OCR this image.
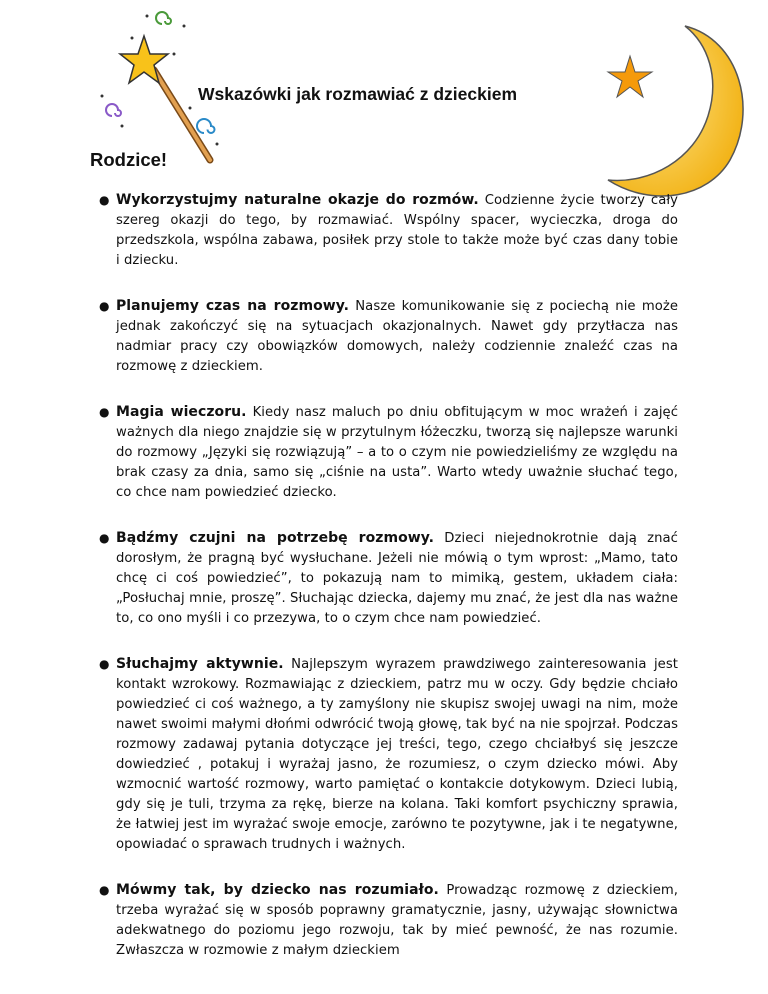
Wskazówki jak rozmawiać z dzieckiem
Rodzice!
● Wykorzystujmy naturalne okazje do rozmów. Codzienne życie tworzy cały szereg okazji do tego, by rozmawiać. Wspólny spacer, wycieczka, droga do przedszkola, wspólna zabawa, posiłek przy stole to także może być czas dany tobie i dziecku.

● Planujemy czas na rozmowy. Nasze komunikowanie się z pociechą nie może jednak zakończyć się na sytuacjach okazjonalnych. Nawet gdy przytłacza nas nadmiar pracy czy obowiązków domowych, należy codziennie znaleźć czas na rozmowę z dzieckiem.

● Magia wieczoru. Kiedy nasz maluch po dniu obfitującym w moc wrażeń i zajęć ważnych dla niego znajdzie się w przytulnym łóżeczku, tworzą się najlepsze warunki do rozmowy „Języki się rozwiązują” – a to o czym nie powiedzieliśmy ze względu na brak czasy za dnia, samo się „ciśnie na usta”. Warto wtedy uważnie słuchać tego, co chce nam powiedzieć dziecko.

● Bądźmy czujni na potrzebę rozmowy. Dzieci niejednokrotnie dają znać dorosłym, że pragną być wysłuchane. Jeżeli nie mówią o tym wprost: „Mamo, tato chcę ci coś powiedzieć”, to pokazują nam to mimiką, gestem, układem ciała: „Posłuchaj mnie, proszę”. Słuchając dziecka, dajemy mu znać, że jest dla nas ważne to, co ono myśli i co przezywa, to o czym chce nam powiedzieć.

● Słuchajmy aktywnie. Najlepszym wyrazem prawdziwego zainteresowania jest kontakt wzrokowy. Rozmawiając z dzieckiem, patrz mu w oczy. Gdy będzie chciało powiedzieć ci coś ważnego, a ty zamyślony nie skupisz swojej uwagi na nim, może nawet swoimi małymi dłońmi odwrócić twoją głowę, tak być na nie spojrzał. Podczas rozmowy zadawaj pytania dotyczące jej treści, tego, czego chciałbyś się jeszcze dowiedzieć , potakuj i wyrażaj jasno, że rozumiesz, o czym dziecko mówi. Aby wzmocnić wartość rozmowy, warto pamiętać o kontakcie dotykowym. Dzieci lubią, gdy się je tuli, trzyma za rękę, bierze na kolana. Taki komfort psychiczny sprawia, że łatwiej jest im wyrażać swoje emocje, zarówno te pozytywne, jak i te negatywne, opowiadać o sprawach trudnych i ważnych.

● Mówmy tak, by dziecko nas rozumiało. Prowadząc rozmowę z dzieckiem, trzeba wyrażać się w sposób poprawny gramatycznie, jasny, używając słownictwa adekwatnego do poziomu jego rozwoju, tak by mieć pewność, że nas rozumie. Zwłaszcza w rozmowie z małym dzieckiem
